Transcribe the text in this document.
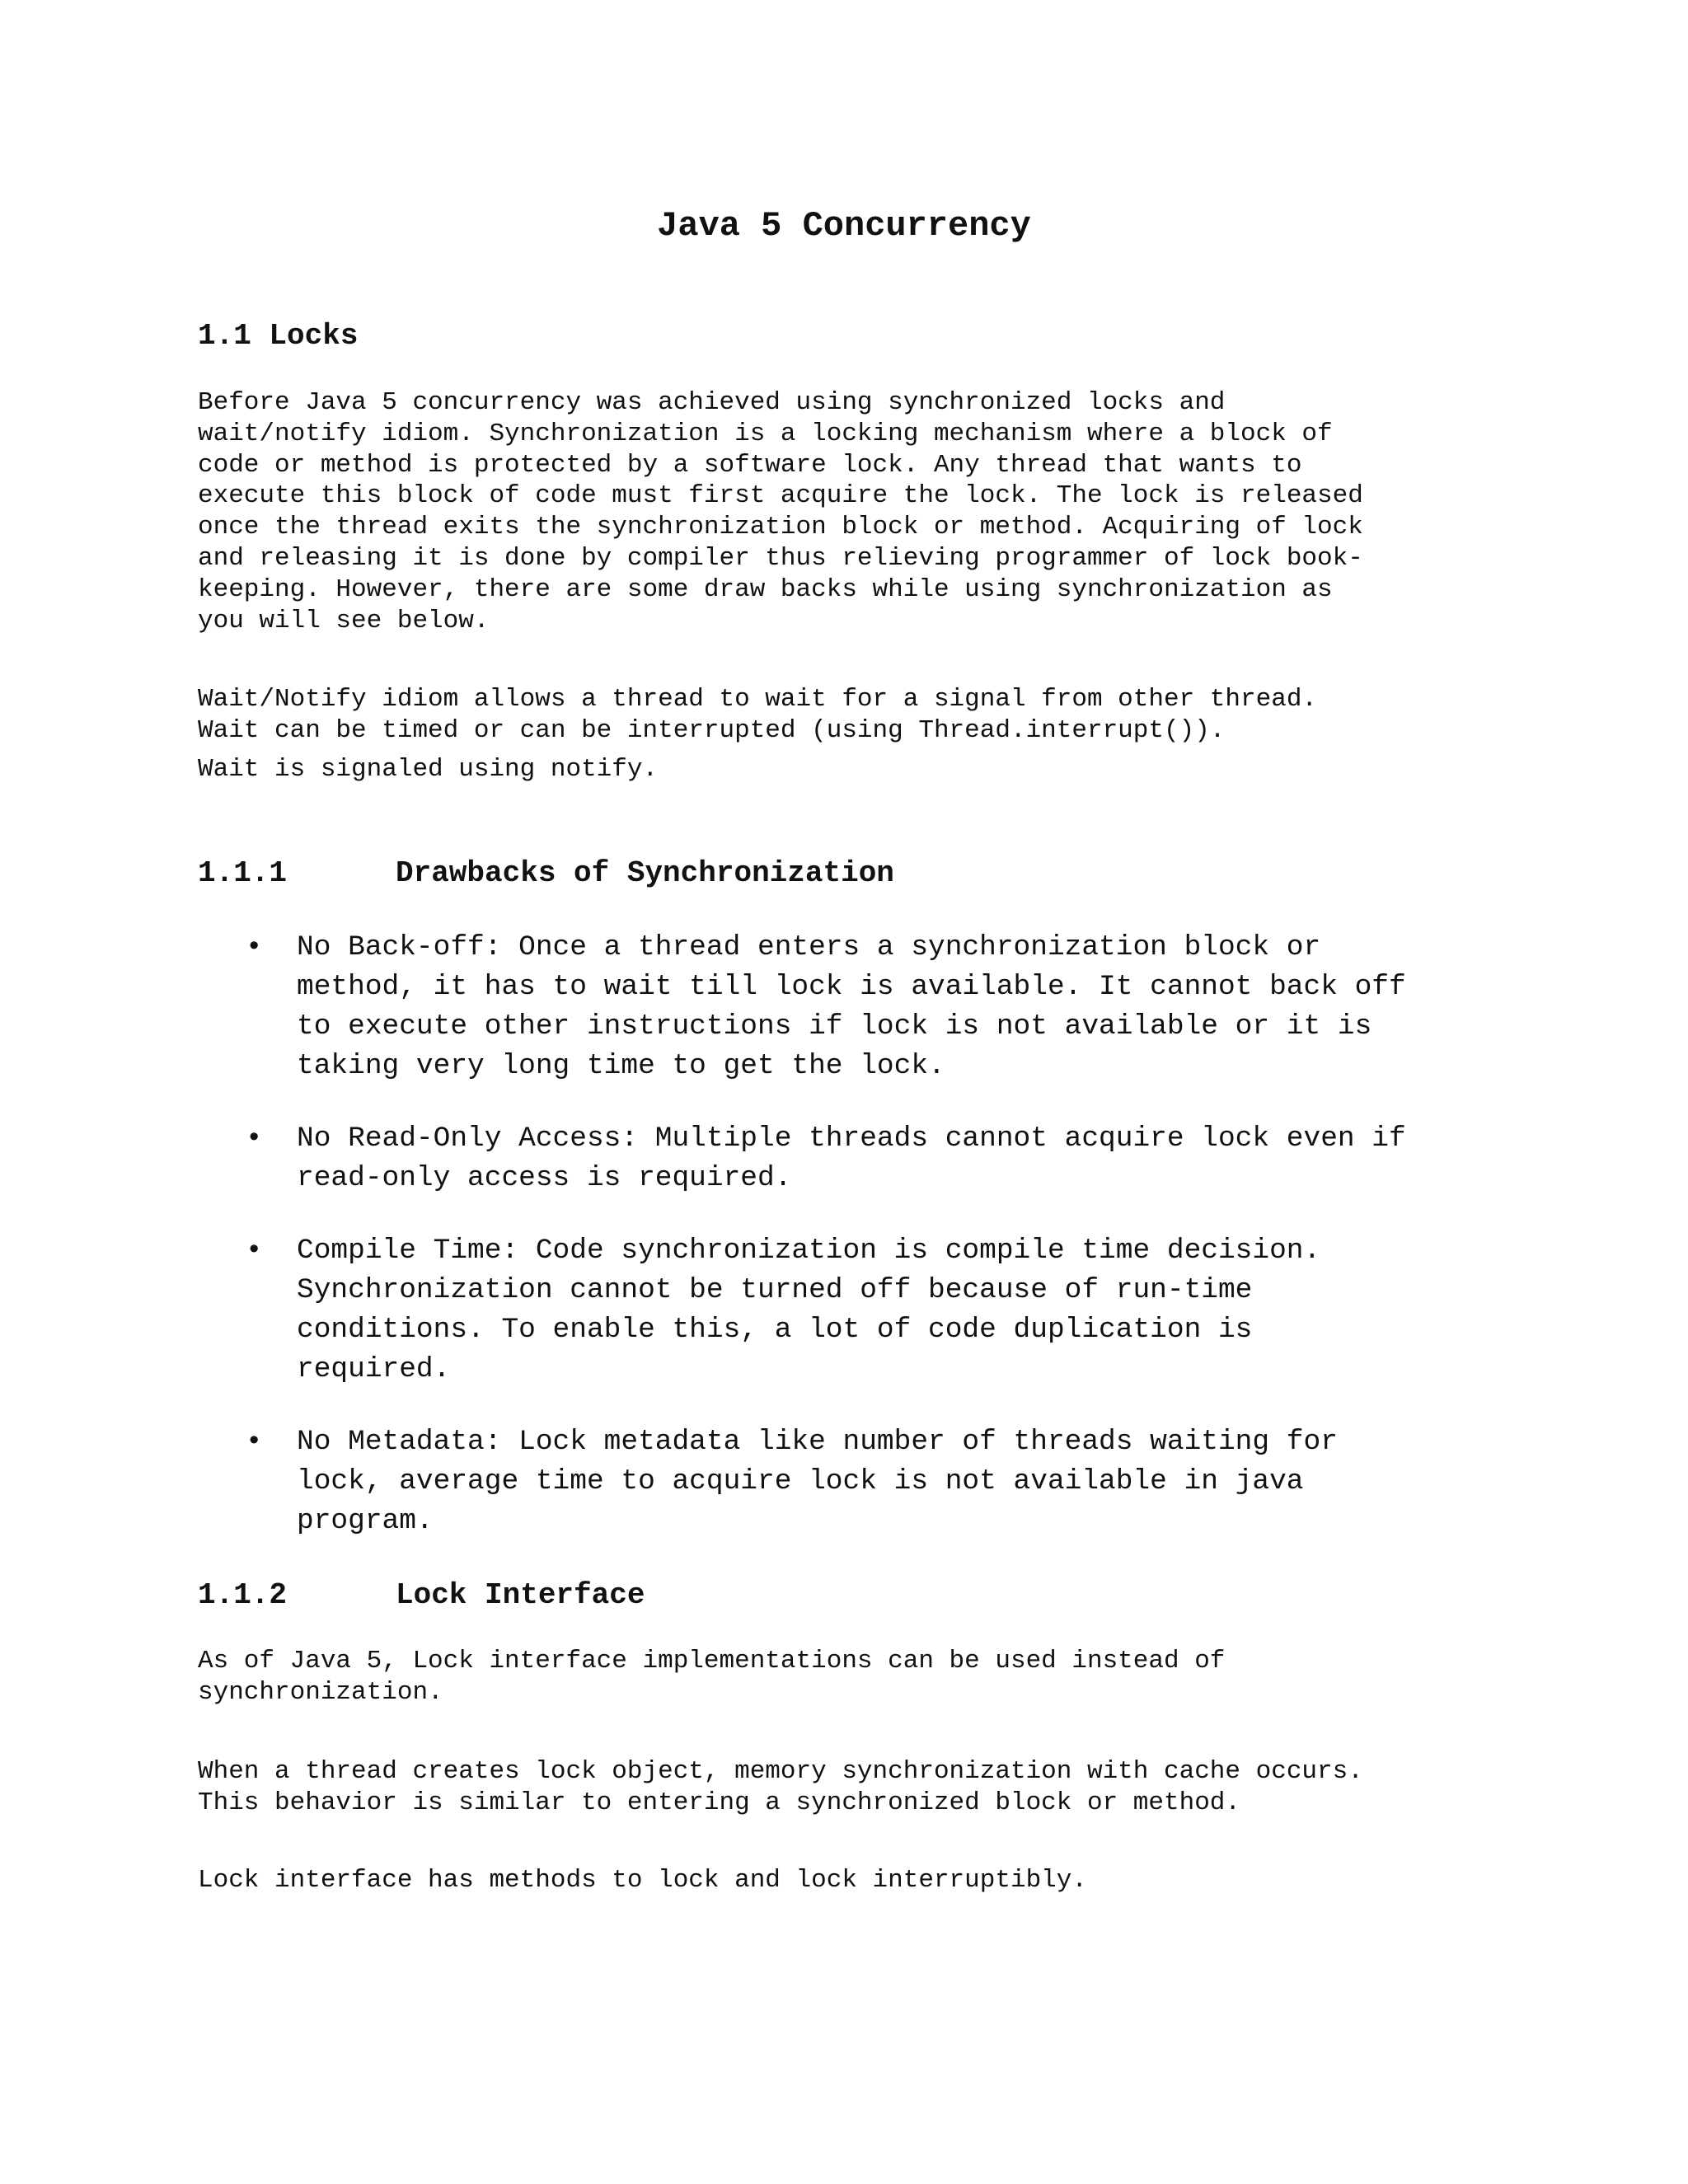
Java 5 Concurrency
1.1 Locks

Before Java 5 concurrency was achieved using synchronized locks and

wait/notify idiom. Synchronization is a locking mechanism where a block of

code or method is protected by a software lock. Any thread that wants to

execute this block of code must first acquire the lock. The lock is released

once the thread exits the synchronization block or method. Acquiring of lock

and releasing it is done by compiler thus relieving programmer of lock book-

keeping. However, there are some draw backs while using synchronization as

you will see below.

Wait/Notify idiom allows a thread to wait for a signal from other thread.

Wait can be timed or can be interrupted (using Thread.interrupt()).

Wait is signaled using notify.

1.1.1	Drawbacks of Synchronization

•

No Back-off: Once a thread enters a synchronization block or

method, it has to wait till lock is available. It cannot back off

to execute other instructions if lock is not available or it is

taking very long time to get the lock.

•

No Read-Only Access: Multiple threads cannot acquire lock even if

read-only access is required.

•

Compile Time: Code synchronization is compile time decision.

Synchronization cannot be turned off because of run-time

conditions. To enable this, a lot of code duplication is

required.

•

No Metadata: Lock metadata like number of threads waiting for

lock, average time to acquire lock is not available in java

program.

1.1.2	Lock Interface

As of Java 5, Lock interface implementations can be used instead of

synchronization.

When a thread creates lock object, memory synchronization with cache occurs.

This behavior is similar to entering a synchronized block or method.

Lock interface has methods to lock and lock interruptibly.
